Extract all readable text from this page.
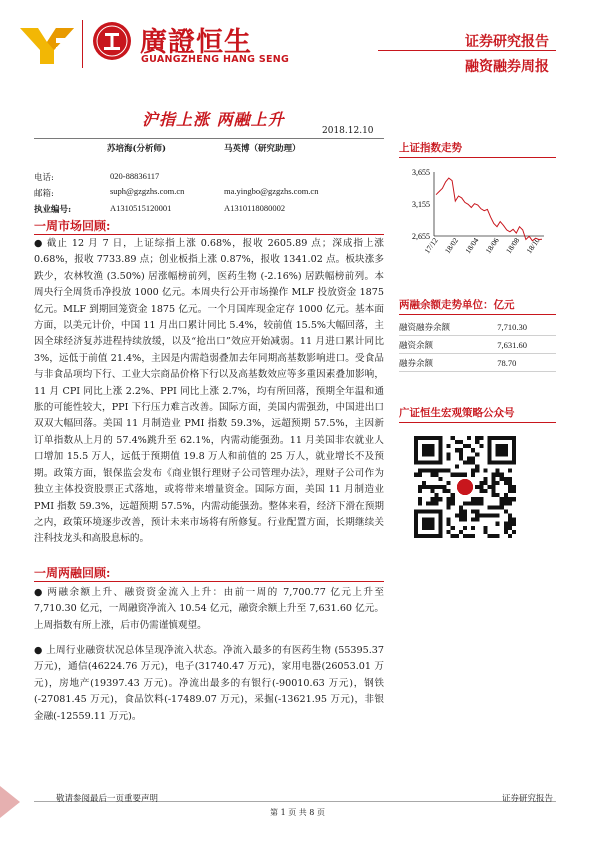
廣證恒生
GUANGZHENG HANG SENG
证券研究报告
融资融券周报
沪指上涨 两融上升
2018.12.10
苏培海(分析师)	马英博（研究助理）
电话:	020-88836117
邮箱:	suph@gzgzhs.com.cn	ma.yingbo@gzgzhs.com.cn
执业编号:	A1310515120001	A1310118080002
一周市场回顾:

● 截止 12 月 7 日，上证综指上涨 0.68%，报收 2605.89 点；深成指上涨 0.68%，报收 7733.89 点；创业板指上涨 0.87%，报收 1341.02 点。板块涨多跌少，农林牧渔 (3.50%) 居涨幅榜前列，医药生物 (-2.16%) 居跌幅榜前列。本周央行全周货币净投放 1000 亿元。本周央行公开市场操作 MLF 投放资金 1875 亿元。MLF 到期回笼资金 1875 亿元。一个月国库现金定存 1000 亿元。基本面方面，以美元计价，中国 11 月出口累计同比 5.4%，较前值 15.5%大幅回落，主因全球经济复苏进程持续放缓，以及“抢出口”效应开始减弱。11 月进口累计同比 3%，远低于前值 21.4%，主因是内需趋弱叠加去年同期高基数影响进口。受食品与非食品项均下行、工业大宗商品价格下行以及高基数效应等多重因素叠加影响，11 月 CPI 同比上涨 2.2%、PPI 同比上涨 2.7%，均有所回落，预期全年温和通胀的可能性较大，PPI 下行压力难言改善。国际方面，美国内需强劲，中国进出口双双大幅回落。美国 11 月制造业 PMI 指数 59.3%，远超预期 57.5%，主因新订单指数从上月的 57.4%跳升至 62.1%，内需动能强劲。11 月美国非农就业人口增加 15.5 万人，远低于预期值 19.8 万人和前值的 25 万人，就业增长不及预期。政策方面，银保监会发布《商业银行理财子公司管理办法》，理财子公司作为独立主体投资股票正式落地，或将带来增量资金。国际方面，美国 11 月制造业 PMI 指数 59.3%，远超预期 57.5%，内需动能强劲。整体来看，经济下滑在预期之内，政策环境逐步改善，预计未来市场将有所修复。行业配置方面，长期继续关注科技龙头和高股息标的。

一周两融回顾:

● 两融余额上升、融资资金流入上升：由前一周的 7,700.77 亿元上升至 7,710.30 亿元，一周融资净流入 10.54 亿元，融资余额上升至 7,631.60 亿元。上周指数有所上涨，后市仍需谨慎观望。

● 上周行业融资状况总体呈现净流入状态。净流入最多的有医药生物 (55395.37 万元)，通信(46224.76 万元)，电子(31740.47 万元)，家用电器(26053.01 万元)，房地产(19397.43 万元)。净流出最多的有银行(-90010.63 万元)，钢铁(-27081.45 万元)，食品饮料(-17489.07 万元)，采掘(-13621.95 万元)，非银金融(-12559.11 万元)。

上证指数走势
3,655
3,155
2,655
17/12 18/02 18/04 18/06 18/08 18/10
两融余额走势单位：亿元
融资融券余额	7,710.30
融资余额	7,631.60
融券余额	78.70
广证恒生宏观策略公众号
敬请参阅最后一页重要声明	证券研究报告
第 1 页 共 8 页
